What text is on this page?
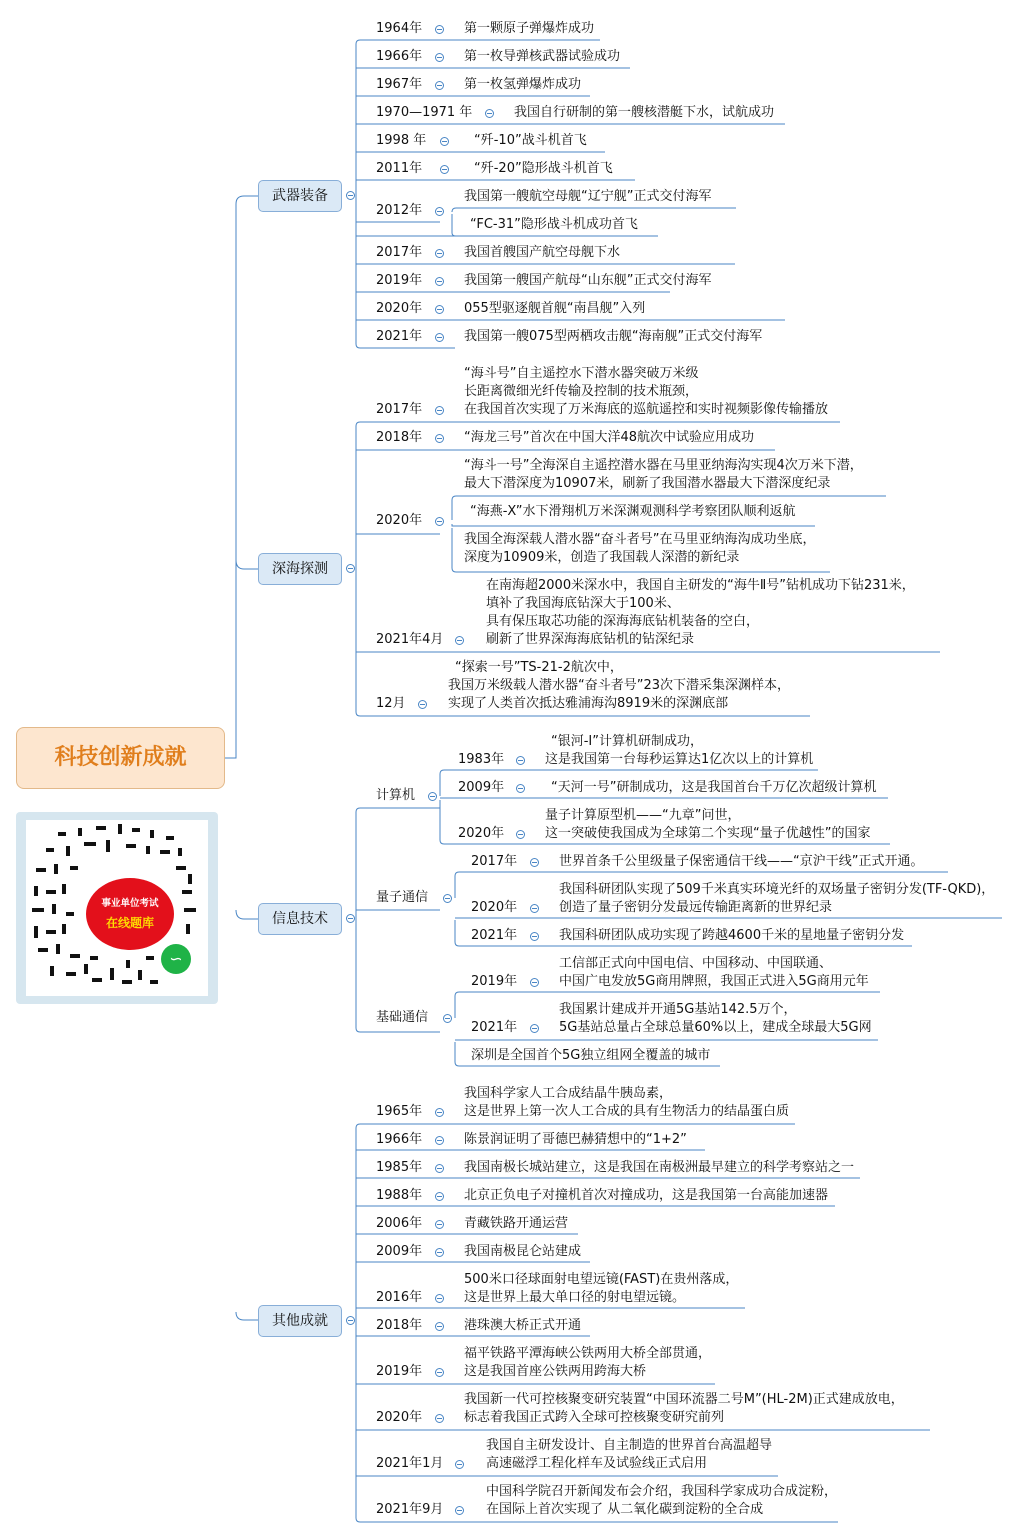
科技创新成就
事业单位考试
在线题库
∽
武器装备
深海探测
信息技术
其他成就
1964年	第一颗原子弹爆炸成功
1966年	第一枚导弹核武器试验成功
1967年	第一枚氢弹爆炸成功
1970—1971 年	我国自行研制的第一艘核潜艇下水，试航成功
1998 年	“歼-10”战斗机首飞
2011年	“歼-20”隐形战斗机首飞
2012年
我国第一艘航空母舰“辽宁舰”正式交付海军
“FC-31”隐形战斗机成功首飞
2017年	我国首艘国产航空母舰下水
2019年	我国第一艘国产航母“山东舰”正式交付海军
2020年	055型驱逐舰首舰“南昌舰”入列
2021年	我国第一艘075型两栖攻击舰“海南舰”正式交付海军
2017年
“海斗号”自主遥控水下潜水器突破万米级
长距离微细光纤传输及控制的技术瓶颈，
在我国首次实现了万米海底的巡航遥控和实时视频影像传输播放
2018年	“海龙三号”首次在中国大洋48航次中试验应用成功
2020年
“海斗一号”全海深自主遥控潜水器在马里亚纳海沟实现4次万米下潜，
最大下潜深度为10907米，刷新了我国潜水器最大下潜深度纪录
“海燕-X”水下滑翔机万米深渊观测科学考察团队顺利返航
我国全海深载人潜水器“奋斗者号”在马里亚纳海沟成功坐底，
深度为10909米，创造了我国载人深潜的新纪录
2021年4月
在南海超2000米深水中，我国自主研发的“海牛Ⅱ号”钻机成功下钻231米，
填补了我国海底钻深大于100米、
具有保压取芯功能的深海海底钻机装备的空白，
刷新了世界深海海底钻机的钻深纪录
12月
“探索一号”TS-21-2航次中，
我国万米级载人潜水器“奋斗者号”23次下潜采集深渊样本，
实现了人类首次抵达雅浦海沟8919米的深渊底部
计算机
1983年
“银河-I”计算机研制成功，
这是我国第一台每秒运算达1亿次以上的计算机
2009年	“天河一号”研制成功，这是我国首台千万亿次超级计算机
2020年
量子计算原型机——“九章”问世，
这一突破使我国成为全球第二个实现“量子优越性”的国家
量子通信
2017年	世界首条千公里级量子保密通信干线——“京沪干线”正式开通。
2020年
我国科研团队实现了509千米真实环境光纤的双场量子密钥分发(TF-QKD)，
创造了量子密钥分发最远传输距离新的世界纪录
2021年	我国科研团队成功实现了跨越4600千米的星地量子密钥分发
基础通信
2019年
工信部正式向中国电信、中国移动、中国联通、
中国广电发放5G商用牌照，我国正式进入5G商用元年
2021年
我国累计建成并开通5G基站142.5万个，
5G基站总量占全球总量60%以上，建成全球最大5G网
深圳是全国首个5G独立组网全覆盖的城市
1965年
我国科学家人工合成结晶牛胰岛素，
这是世界上第一次人工合成的具有生物活力的结晶蛋白质
1966年	陈景润证明了哥德巴赫猜想中的“1+2”
1985年	我国南极长城站建立，这是我国在南极洲最早建立的科学考察站之一
1988年	北京正负电子对撞机首次对撞成功，这是我国第一台高能加速器
2006年	青藏铁路开通运营
2009年	我国南极昆仑站建成
2016年
500米口径球面射电望远镜(FAST)在贵州落成，
这是世界上最大单口径的射电望远镜。
2018年	港珠澳大桥正式开通
2019年
福平铁路平潭海峡公铁两用大桥全部贯通，
这是我国首座公铁两用跨海大桥
2020年
我国新一代可控核聚变研究装置“中国环流器二号M”(HL-2M)正式建成放电，
标志着我国正式跨入全球可控核聚变研究前列
2021年1月
我国自主研发设计、自主制造的世界首台高温超导
高速磁浮工程化样车及试验线正式启用
2021年9月
中国科学院召开新闻发布会介绍，我国科学家成功合成淀粉，
在国际上首次实现了 从二氧化碳到淀粉的全合成
